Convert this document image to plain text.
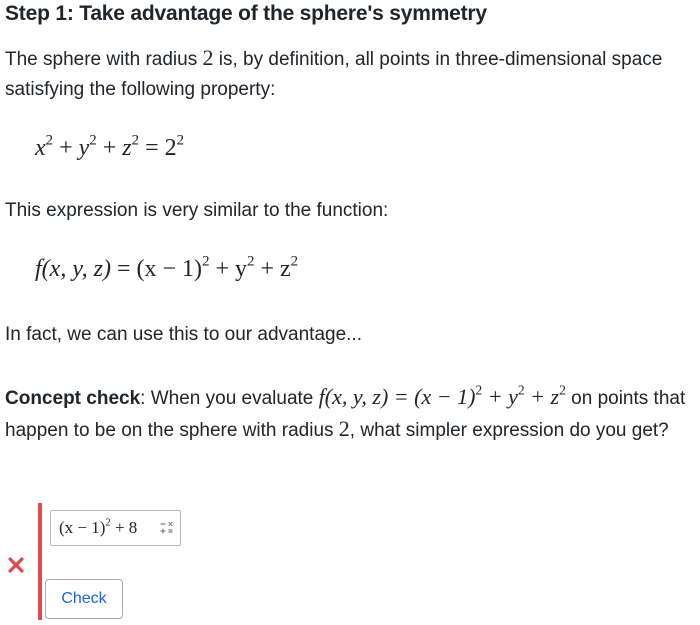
Step 1: Take advantage of the sphere's symmetry

The sphere with radius 2 is, by definition, all points in three-dimensional space satisfying the following property:

$x^2 + y^2 + z^2 = 2^2$

This expression is very similar to the function:

f(x, y, $z) = (x - 1)^2 + y^2 + z^2$

In fact, we can use this to our advantage...

Concept check: When you evaluate f(x, y, $z) = (x - 1)^2 + y^2 + z^2$ on points that happen to be on the sphere with radius 2, what simpler expression do you get?

$(x - 1)^2 + 8$
Check
